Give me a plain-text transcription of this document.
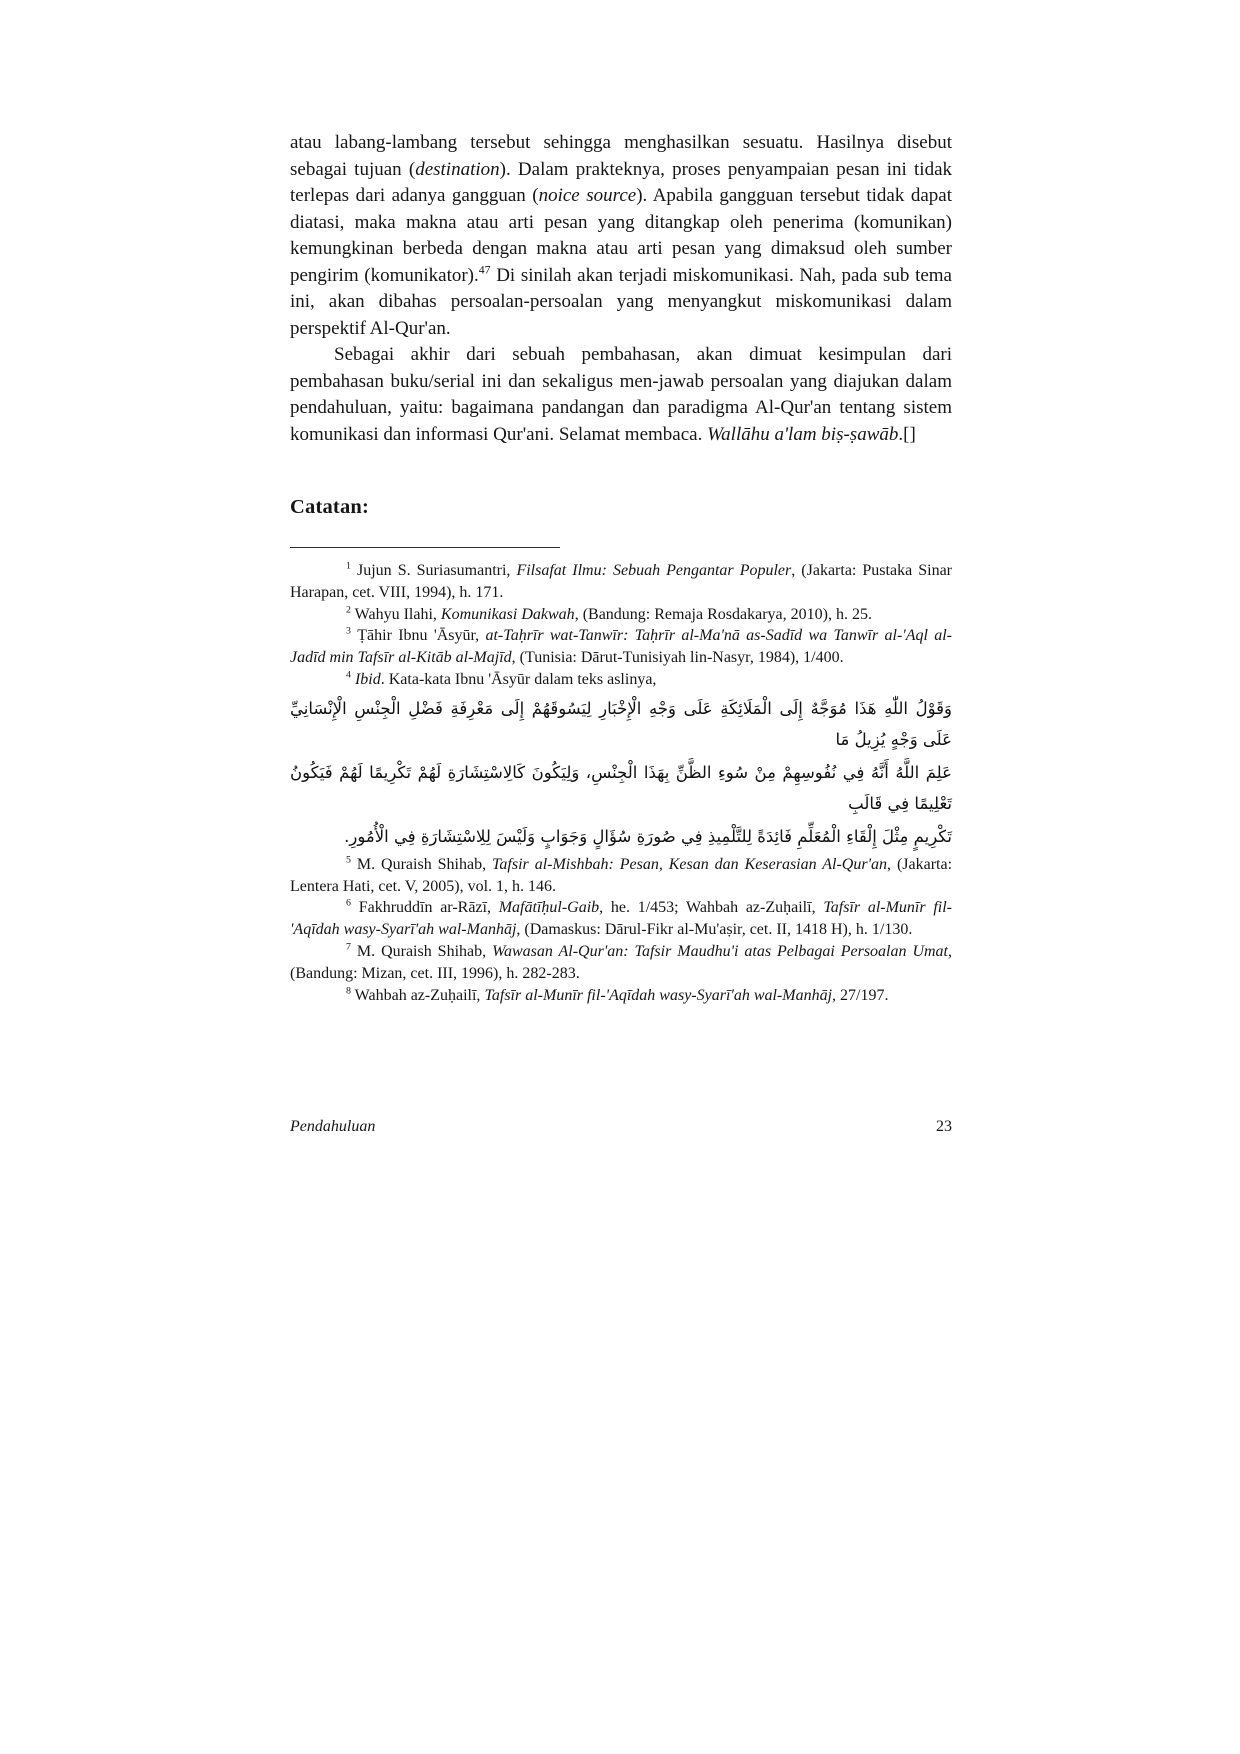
atau labang-lambang tersebut sehingga menghasilkan sesuatu. Hasilnya disebut sebagai tujuan (destination). Dalam prakteknya, proses penyampaian pesan ini tidak terlepas dari adanya gangguan (noice source). Apabila gangguan tersebut tidak dapat diatasi, maka makna atau arti pesan yang ditangkap oleh penerima (komunikan) kemungkinan berbeda dengan makna atau arti pesan yang dimaksud oleh sumber pengirim (komunikator).$^{47}$ Di sinilah akan terjadi miskomunikasi. Nah, pada sub tema ini, akan dibahas persoalan-persoalan yang menyangkut miskomunikasi dalam perspektif Al-Qur'an.

Sebagai akhir dari sebuah pembahasan, akan dimuat kesimpulan dari pembahasan buku/serial ini dan sekaligus men-jawab persoalan yang diajukan dalam pendahuluan, yaitu: bagaimana pandangan dan paradigma Al-Qur'an tentang sistem komunikasi dan informasi Qur'ani. Selamat membaca. Wallāhu a'lam biṣ-ṣawāb.[]

Catatan:

$^1$ Jujun S. Suriasumantri, Filsafat Ilmu: Sebuah Pengantar Populer, (Jakarta: Pustaka Sinar Harapan, cet. VIII, 1994), h. 171.

$^2$ Wahyu Ilahi, Komunikasi Dakwah, (Bandung: Remaja Rosdakarya, 2010), h. 25.

$^3$ Ṭāhir Ibnu 'Āsyūr, at-Taḥrīr wat-Tanwīr: Taḥrīr al-Ma'nā as-Sadīd wa Tanwīr al-'Aql al-Jadīd min Tafsīr al-Kitāb al-Majīd, (Tunisia: Dārut-Tunisiyah lin-Nasyr, 1984), 1/400.

$^4$ Ibid. Kata-kata Ibnu 'Āsyūr dalam teks aslinya,

وَقَوْلُ اللّٰهِ هَذَا مُوَجَّهٌ إِلَى الْمَلَائِكَةِ عَلَى وَجْهِ الْإِخْبَارِ لِيَسُوقَهُمْ إِلَى مَعْرِفَةِ فَضْلِ الْجِنْسِ الْإِنْسَانِيِّ عَلَى وَجْهٍ يُزِيلُ مَا
عَلِمَ اللَّهُ أَنَّهُ فِي نُفُوسِهِمْ مِنْ سُوءِ الظَّنِّ بِهَذَا الْجِنْسِ، وَلِيَكُونَ كَالِاسْتِشَارَةِ لَهُمْ تَكْرِيمًا لَهُمْ فَيَكُونُ تَعْلِيمًا فِي قَالَبِ
تَكْرِيمٍ مِثْلَ إِلْقَاءِ الْمُعَلِّمِ فَائِدَةً لِلتَّلْمِيذِ فِي صُورَةِ سُؤَالٍ وَجَوَابٍ وَلَيْسَ لِلِاسْتِشَارَةِ فِي الْأُمُورِ.

$^5$ M. Quraish Shihab, Tafsir al-Mishbah: Pesan, Kesan dan Keserasian Al-Qur'an, (Jakarta: Lentera Hati, cet. V, 2005), vol. 1, h. 146.

$^6$ Fakhruddīn ar-Rāzī, Mafātīḥul-Gaib, he. 1/453; Wahbah az-Zuḥailī, Tafsīr al-Munīr fil-'Aqīdah wasy-Syarī'ah wal-Manhāj, (Damaskus: Dārul-Fikr al-Mu'aṣir, cet. II, 1418 H), h. 1/130.

$^7$ M. Quraish Shihab, Wawasan Al-Qur'an: Tafsir Maudhu'i atas Pelbagai Persoalan Umat, (Bandung: Mizan, cet. III, 1996), h. 282-283.

$^8$ Wahbah az-Zuḥailī, Tafsīr al-Munīr fil-'Aqīdah wasy-Syarī'ah wal-Manhāj, 27/197.

Pendahuluan	23
